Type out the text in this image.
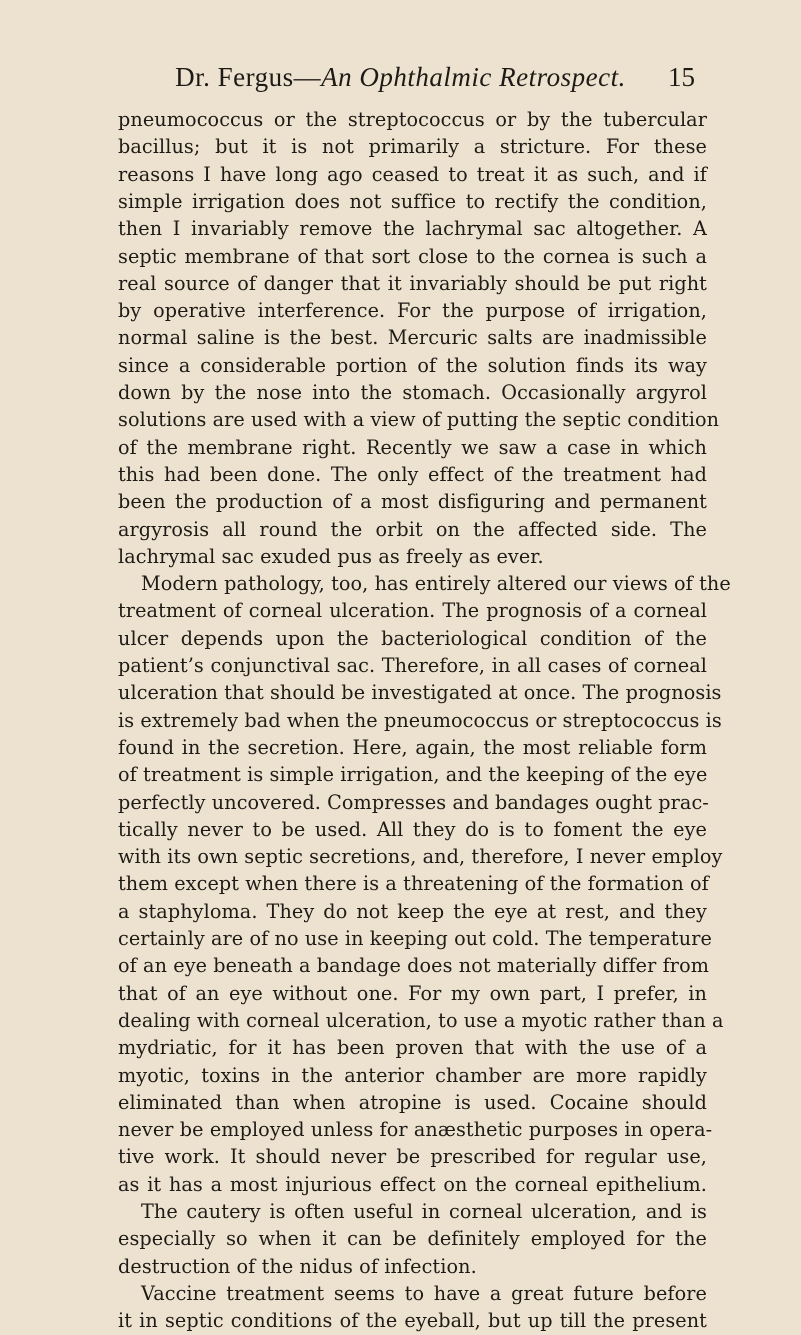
Dr. Fergus—An Ophthalmic Retrospect.	15
pneumococcus or the streptococcus or by the tubercular
bacillus; but it is not primarily a stricture. For these
reasons I have long ago ceased to treat it as such, and if
simple irrigation does not suffice to rectify the condition,
then I invariably remove the lachrymal sac altogether. A
septic membrane of that sort close to the cornea is such a
real source of danger that it invariably should be put right
by operative interference. For the purpose of irrigation,
normal saline is the best. Mercuric salts are inadmissible
since a considerable portion of the solution finds its way
down by the nose into the stomach. Occasionally argyrol
solutions are used with a view of putting the septic condition
of the membrane right. Recently we saw a case in which
this had been done. The only effect of the treatment had
been the production of a most disfiguring and permanent
argyrosis all round the orbit on the affected side. The
lachrymal sac exuded pus as freely as ever.
Modern pathology, too, has entirely altered our views of the
treatment of corneal ulceration. The prognosis of a corneal
ulcer depends upon the bacteriological condition of the
patient’s conjunctival sac. Therefore, in all cases of corneal
ulceration that should be investigated at once. The prognosis
is extremely bad when the pneumococcus or streptococcus is
found in the secretion. Here, again, the most reliable form
of treatment is simple irrigation, and the keeping of the eye
perfectly uncovered. Compresses and bandages ought prac-
tically never to be used. All they do is to foment the eye
with its own septic secretions, and, therefore, I never employ
them except when there is a threatening of the formation of
a staphyloma. They do not keep the eye at rest, and they
certainly are of no use in keeping out cold. The temperature
of an eye beneath a bandage does not materially differ from
that of an eye without one. For my own part, I prefer, in
dealing with corneal ulceration, to use a myotic rather than a
mydriatic, for it has been proven that with the use of a
myotic, toxins in the anterior chamber are more rapidly
eliminated than when atropine is used. Cocaine should
never be employed unless for anæsthetic purposes in opera-
tive work. It should never be prescribed for regular use,
as it has a most injurious effect on the corneal epithelium.
The cautery is often useful in corneal ulceration, and is
especially so when it can be definitely employed for the
destruction of the nidus of infection.
Vaccine treatment seems to have a great future before
it in septic conditions of the eyeball, but up till the present
